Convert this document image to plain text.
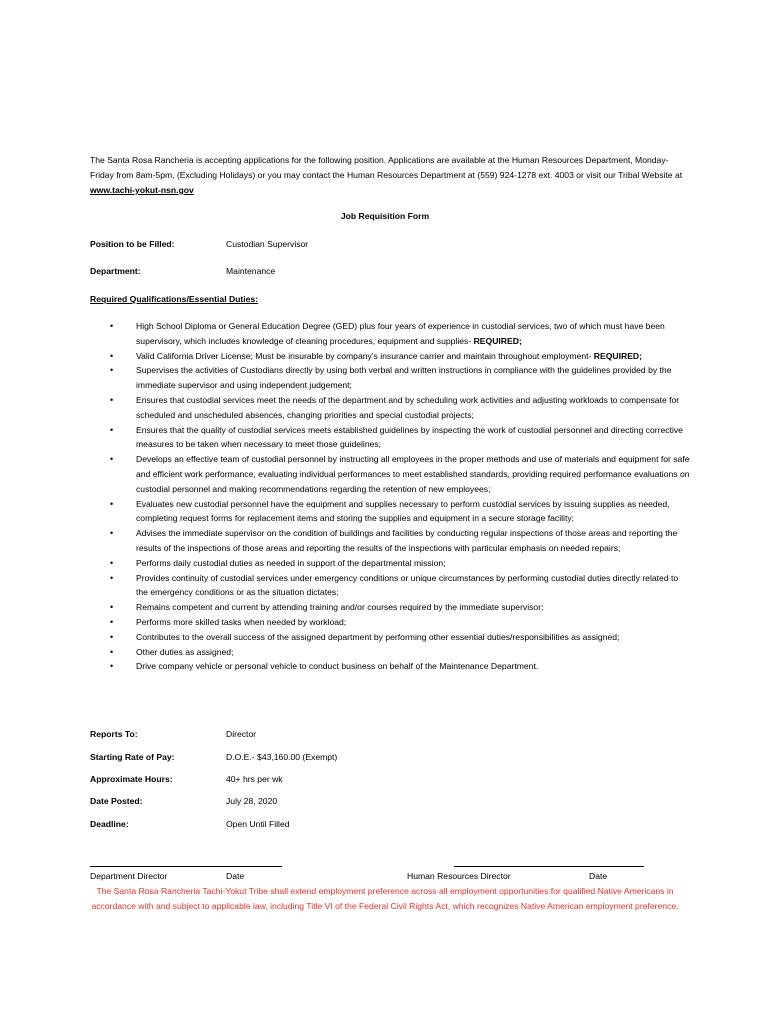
The Santa Rosa Rancheria is accepting applications for the following position. Applications are available at the Human Resources Department, Monday-Friday from 8am-5pm, (Excluding Holidays) or you may contact the Human Resources Department at (559) 924-1278 ext. 4003 or visit our Tribal Website at www.tachi-yokut-nsn.gov
Job Requisition Form
Position to be Filled:	Custodian Supervisor
Department:	Maintenance
Required Qualifications/Essential Duties:
•	High School Diploma or General Education Degree (GED) plus four years of experience in custodial services, two of which must have been supervisory, which includes knowledge of cleaning procedures, equipment and supplies- REQUIRED;
•	Valid California Driver License; Must be insurable by company’s insurance carrier and maintain throughout employment- REQUIRED;
•	Supervises the activities of Custodians directly by using both verbal and written instructions in compliance with the guidelines provided by the immediate supervisor and using independent judgement;
•	Ensures that custodial services meet the needs of the department and by scheduling work activities and adjusting workloads to compensate for scheduled and unscheduled absences, changing priorities and special custodial projects;
•	Ensures that the quality of custodial services meets established guidelines by inspecting the work of custodial personnel and directing corrective measures to be taken when necessary to meet those guidelines;
•	Develops an effective team of custodial personnel by instructing all employees in the proper methods and use of materials and equipment for safe and efficient work performance, evaluating individual performances to meet established standards, providing required performance evaluations on custodial personnel and making recommendations regarding the retention of new employees;
•	Evaluates new custodial personnel have the equipment and supplies necessary to perform custodial services by issuing supplies as needed, completing request forms for replacement items and storing the supplies and equipment in a secure storage facility;
•	Advises the immediate supervisor on the condition of buildings and facilities by conducting regular inspections of those areas and reporting the results of the inspections of those areas and reporting the results of the inspections with particular emphasis on needed repairs;
•	Performs daily custodial duties as needed in support of the departmental mission;
•	Provides continuity of custodial services under emergency conditions or unique circumstances by performing custodial duties directly related to the emergency conditions or as the situation dictates;
•	Remains competent and current by attending training and/or courses required by the immediate supervisor;
•	Performs more skilled tasks when needed by workload;
•	Contributes to the overall success of the assigned department by performing other essential duties/responsibilities as assigned;
•	Other duties as assigned;
•	Drive company vehicle or personal vehicle to conduct business on behalf of the Maintenance Department.
Reports To:	Director
Starting Rate of Pay:	D.O.E.- $43,160.00 (Exempt)
Approximate Hours:	40+ hrs per wk
Date Posted:	July 28, 2020
Deadline:	Open Until Filled
Department Director	Date	Human Resources Director	Date
The Santa Rosa Rancheria Tachi-Yokut Tribe shall extend employment preference across all employment opportunities for qualified Native Americans in accordance with and subject to applicable law, including Title VI of the Federal Civil Rights Act, which recognizes Native American employment preference.
